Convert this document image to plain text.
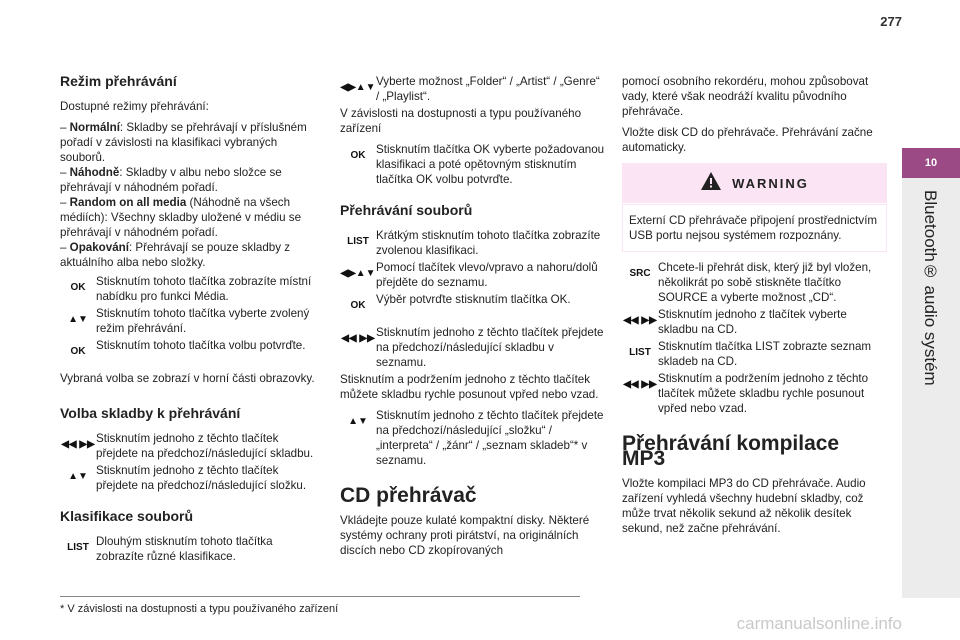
277
10
Bluetooth® audio systém
Režim přehrávání

Dostupné režimy přehrávání:

– Normální: Skladby se přehrávají v příslušném pořadí v závislosti na klasifikaci vybraných souborů.
– Náhodně: Skladby v albu nebo složce se přehrávají v náhodném pořadí.
– Random on all media (Náhodně na všech médiích): Všechny skladby uložené v médiu se přehrávají v náhodném pořadí.
– Opakování: Přehrávají se pouze skladby z aktuálního alba nebo složky.
OK Stisknutím tohoto tlačítka zobrazíte místní nabídku pro funkci Média.
▲▼ Stisknutím tohoto tlačítka vyberte zvolený režim přehrávání.
OK Stisknutím tohoto tlačítka volbu potvrďte.

Vybraná volba se zobrazí v horní části obrazovky.

Volba skladby k přehrávání
◀◀ ▶▶ Stisknutím jednoho z těchto tlačítek přejdete na předchozí/následující skladbu.
▲▼ Stisknutím jednoho z těchto tlačítek přejdete na předchozí/následující složku.
Klasifikace souborů
LIST Dlouhým stisknutím tohoto tlačítka zobrazíte různé klasifikace.
◀▶▲▼ Vyberte možnost „Folder“ / „Artist“ / „Genre“ / „Playlist“.

V závislosti na dostupnosti a typu používaného zařízení

OK Stisknutím tlačítka OK vyberte požadovanou klasifikaci a poté opětovným stisknutím tlačítka OK volbu potvrďte.
Přehrávání souborů
LIST Krátkým stisknutím tohoto tlačítka zobrazíte zvolenou klasifikaci.
◀▶▲▼ Pomocí tlačítek vlevo/vpravo a nahoru/dolů přejděte do seznamu.
OK Výběr potvrďte stisknutím tlačítka OK.
◀◀ ▶▶ Stisknutím jednoho z těchto tlačítek přejdete na předchozí/následující skladbu v seznamu.

Stisknutím a podržením jednoho z těchto tlačítek můžete skladbu rychle posunout vpřed nebo vzad.

▲▼ Stisknutím jednoho z těchto tlačítek přejdete na předchozí/následující „složku“ / „interpreta“ / „žánr“ / „seznam skladeb“* v seznamu.
CD přehrávač

Vkládejte pouze kulaté kompaktní disky. Některé systémy ochrany proti pirátství, na originálních discích nebo CD zkopírovaných

pomocí osobního rekordéru, mohou způsobovat vady, které však neodráží kvalitu původního přehrávače.

Vložte disk CD do přehrávače. Přehrávání začne automaticky.

WARNING
Externí CD přehrávače připojení prostřednictvím USB portu nejsou systémem rozpoznány.
SRC Chcete-li přehrát disk, který již byl vložen, několikrát po sobě stiskněte tlačítko SOURCE a vyberte možnost „CD“.
◀◀ ▶▶ Stisknutím jednoho z tlačítek vyberte skladbu na CD.
LIST Stisknutím tlačítka LIST zobrazte seznam skladeb na CD.
◀◀ ▶▶ Stisknutím a podržením jednoho z těchto tlačítek můžete skladbu rychle posunout vpřed nebo vzad.
Přehrávání kompilace MP3

Vložte kompilaci MP3 do CD přehrávače. Audio zařízení vyhledá všechny hudební skladby, což může trvat několik sekund až několik desítek sekund, než začne přehrávání.

* V závislosti na dostupnosti a typu používaného zařízení
carmanualsonline.info
